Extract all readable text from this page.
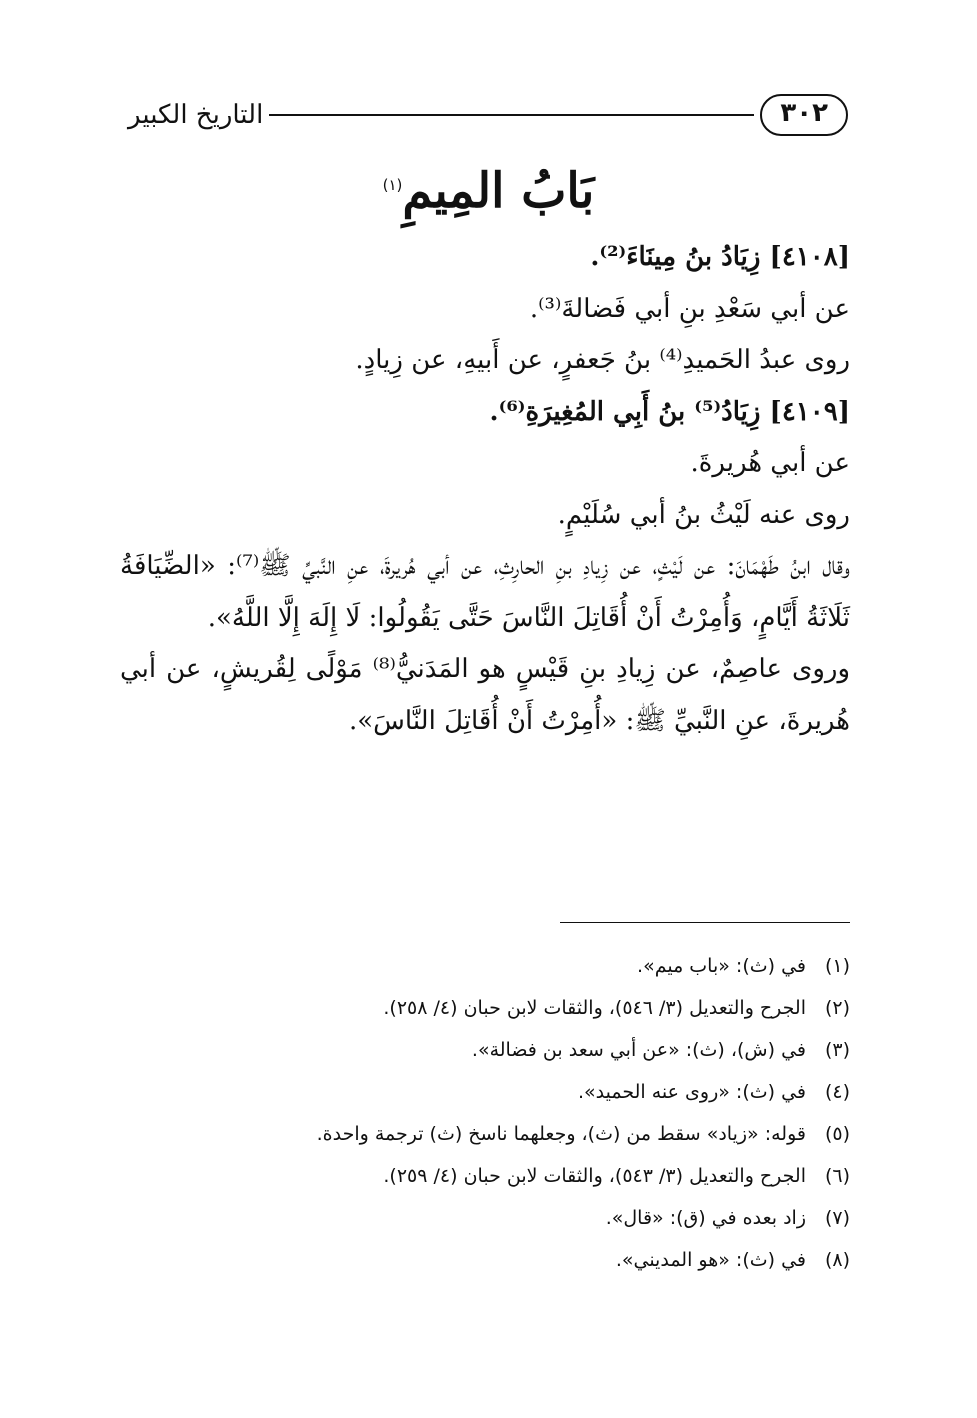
٣٠٢
التاريخ الكبير
بَابُ المِيمِ$^{(١)}$

[٤١٠٨] زِيَادُ بنُ مِينَاءَ⁽²⁾.

عن أبي سَعْدِ بنِ أبي فَضالةَ⁽³⁾.

روى عبدُ الحَميدِ⁽⁴⁾ بنُ جَعفرٍ، عن أَبيهِ، عن زِيادٍ.

[٤١٠٩] زِيَادُ⁽⁵⁾ بنُ أَبِي المُغِيرَةِ⁽⁶⁾.

عن أبي هُريرةَ.

روى عنه لَيْثُ بنُ أبي سُلَيْمٍ.

وقال ابنُ طَهْمَانَ: عن لَيْثٍ، عن زِيادِ بنِ الحارِثِ، عن أبي هُريرةَ، عنِ النَّبيِّ ﷺ⁽⁷⁾: «الضِّيَافَةُ ثَلَاثَةُ أَيَّامٍ، وَأُمِرْتُ أَنْ أُقَاتِلَ النَّاسَ حَتَّى يَقُولُوا: لَا إِلَهَ إِلَّا اللَّهُ».

وروى عاصِمٌ، عن زِيادِ بنِ قَيْسٍ هو المَدَنيُّ⁽⁸⁾ مَوْلًى لِقُريشٍ، عن أبي هُريرةَ، عنِ النَّبيِّ ﷺ: «أُمِرْتُ أَنْ أُقَاتِلَ النَّاسَ».

(١)
في (ث): «باب ميم».
(٢)
الجرح والتعديل (٣/ ٥٤٦)، والثقات لابن حبان (٤/ ٢٥٨).
(٣)
في (ش)، (ث): «عن أبي سعد بن فضالة».
(٤)
في (ث): «روى عنه الحميد».
(٥)
قوله: «زياد» سقط من (ث)، وجعلهما ناسخ (ث) ترجمة واحدة.
(٦)
الجرح والتعديل (٣/ ٥٤٣)، والثقات لابن حبان (٤/ ٢٥٩).
(٧)
زاد بعده في (ق): «قال».
(٨)
في (ث): «هو المديني».
